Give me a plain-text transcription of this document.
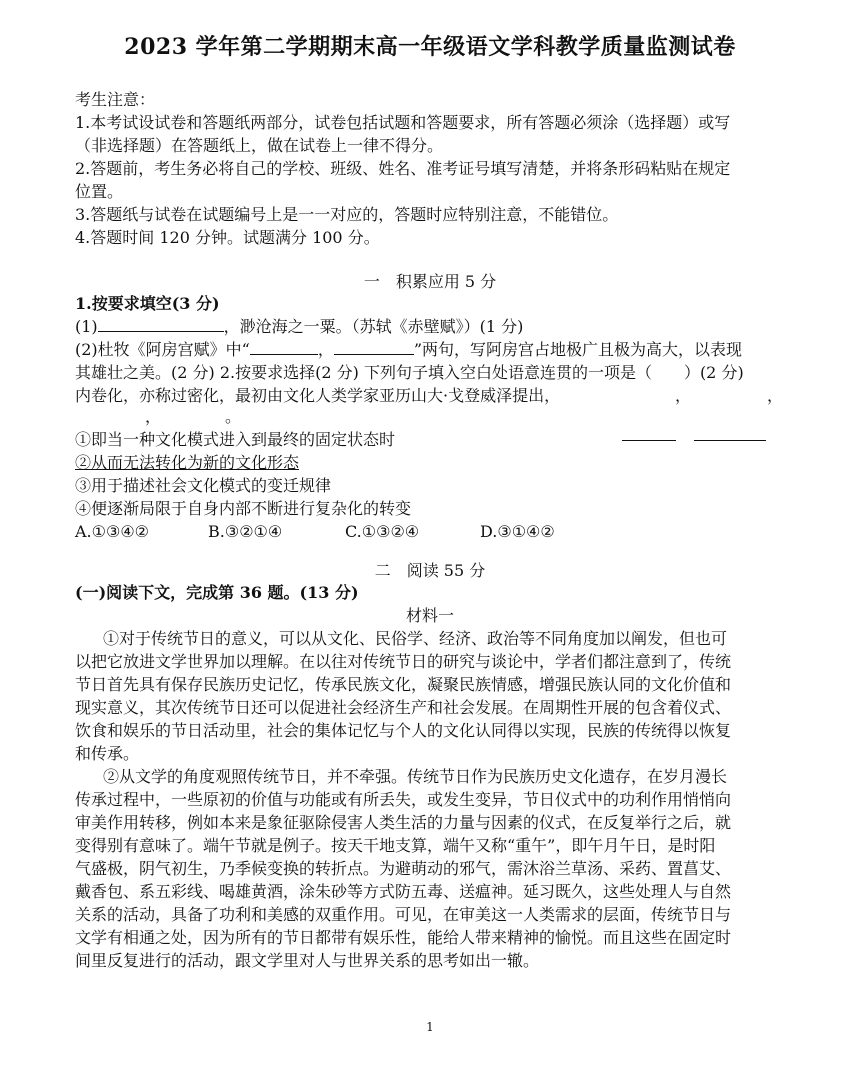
2023 学年第二学期期末高一年级语文学科教学质量监测试卷
考生注意：
1.本考试设试卷和答题纸两部分，试卷包括试题和答题要求，所有答题必须涂（选择题）或写
（非选择题）在答题纸上，做在试卷上一律不得分。
2.答题前，考生务必将自己的学校、班级、姓名、准考证号填写清楚，并将条形码粘贴在规定
位置。
3.答题纸与试卷在试题编号上是一一对应的，答题时应特别注意，不能错位。
4.答题时间 120 分钟。试题满分 100 分。
一　积累应用 5 分
1.按要求填空(3 分)
(1)	，渺沧海之一粟。（苏轼《赤壁赋》）(1 分)
(2)杜牧《阿房宫赋》中“	，	”两句，写阿房宫占地极广且极为高大，以表现
其雄壮之美。(2 分) 2.按要求选择(2 分) 下列句子填入空白处语意连贯的一项是（　　）(2 分)
内卷化，亦称过密化，最初由文化人类学家亚历山大·戈登威泽提出，	，	，
，	。
①即当一种文化模式进入到最终的固定状态时
②从而无法转化为新的文化形态
③用于描述社会文化模式的变迁规律
④便逐渐局限于自身内部不断进行复杂化的转变
A.①③④②	B.③②①④	C.①③②④	D.③①④②
二　阅读 55 分
(一)阅读下文，完成第 36 题。(13 分)
材料一
①对于传统节日的意义，可以从文化、民俗学、经济、政治等不同角度加以阐发，但也可
以把它放进文学世界加以理解。在以往对传统节日的研究与谈论中，学者们都注意到了，传统
节日首先具有保存民族历史记忆，传承民族文化，凝聚民族情感，增强民族认同的文化价值和
现实意义，其次传统节日还可以促进社会经济生产和社会发展。在周期性开展的包含着仪式、
饮食和娱乐的节日活动里，社会的集体记忆与个人的文化认同得以实现，民族的传统得以恢复
和传承。
②从文学的角度观照传统节日，并不牵强。传统节日作为民族历史文化遗存，在岁月漫长
传承过程中，一些原初的价值与功能或有所丢失，或发生变异，节日仪式中的功利作用悄悄向
审美作用转移，例如本来是象征驱除侵害人类生活的力量与因素的仪式，在反复举行之后，就
变得别有意味了。端午节就是例子。按天干地支算，端午又称“重午”，即午月午日，是时阳
气盛极，阴气初生，乃季候变换的转折点。为避萌动的邪气，需沐浴兰草汤、采药、置菖艾、
戴香包、系五彩线、喝雄黄酒，涂朱砂等方式防五毒、送瘟神。延习既久，这些处理人与自然
关系的活动，具备了功利和美感的双重作用。可见，在审美这一人类需求的层面，传统节日与
文学有相通之处，因为所有的节日都带有娱乐性，能给人带来精神的愉悦。而且这些在固定时
间里反复进行的活动，跟文学里对人与世界关系的思考如出一辙。
1
